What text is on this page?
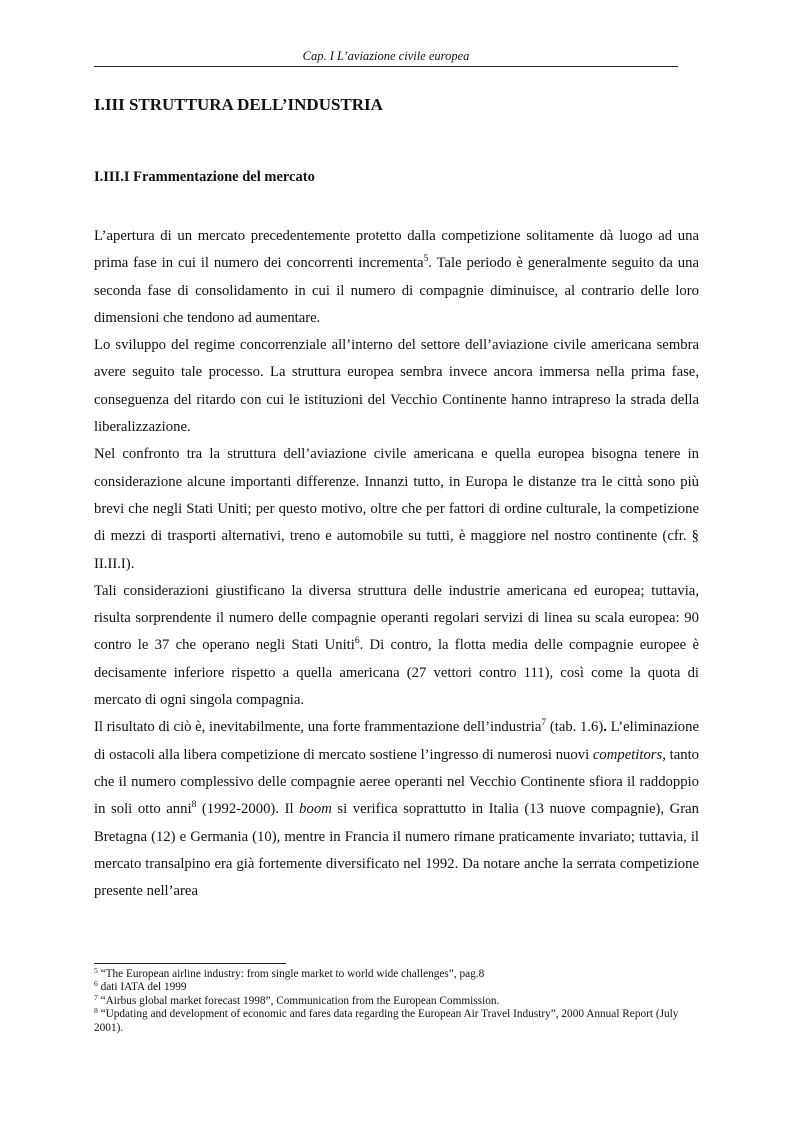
Cap. I L’aviazione civile europea
I.III STRUTTURA DELL’INDUSTRIA
I.III.I Frammentazione del mercato

L’apertura di un mercato precedentemente protetto dalla competizione solitamente dà luogo ad una prima fase in cui il numero dei concorrenti incrementa$^5$. Tale periodo è generalmente seguito da una seconda fase di consolidamento in cui il numero di compagnie diminuisce, al contrario delle loro dimensioni che tendono ad aumentare.

Lo sviluppo del regime concorrenziale all’interno del settore dell’aviazione civile americana sembra avere seguito tale processo. La struttura europea sembra invece ancora immersa nella prima fase, conseguenza del ritardo con cui le istituzioni del Vecchio Continente hanno intrapreso la strada della liberalizzazione.

Nel confronto tra la struttura dell’aviazione civile americana e quella europea bisogna tenere in considerazione alcune importanti differenze. Innanzi tutto, in Europa le distanze tra le città sono più brevi che negli Stati Uniti; per questo motivo, oltre che per fattori di ordine culturale, la competizione di mezzi di trasporti alternativi, treno e automobile su tutti, è maggiore nel nostro continente (cfr. § II.II.I).

Tali considerazioni giustificano la diversa struttura delle industrie americana ed europea; tuttavia, risulta sorprendente il numero delle compagnie operanti regolari servizi di linea su scala europea: 90 contro le 37 che operano negli Stati Uniti$^6$. Di contro, la flotta media delle compagnie europee è decisamente inferiore rispetto a quella americana (27 vettori contro 111), così come la quota di mercato di ogni singola compagnia.

Il risultato di ciò è, inevitabilmente, una forte frammentazione dell’industria$^7$ (tab. 1.6). L’eliminazione di ostacoli alla libera competizione di mercato sostiene l’ingresso di numerosi nuovi competitors, tanto che il numero complessivo delle compagnie aeree operanti nel Vecchio Continente sfiora il raddoppio in soli otto anni$^8$ (1992-2000). Il boom si verifica soprattutto in Italia (13 nuove compagnie), Gran Bretagna (12) e Germania (10), mentre in Francia il numero rimane praticamente invariato; tuttavia, il mercato transalpino era già fortemente diversificato nel 1992. Da notare anche la serrata competizione presente nell’area

$^5$ “The European airline industry: from single market to world wide challenges”, pag.8

$^6$ dati IATA del 1999

$^7$ “Airbus global market forecast 1998”, Communication from the European Commission.

$^8$ “Updating and development of economic and fares data regarding the European Air Travel Industry”, 2000 Annual Report (July 2001).
